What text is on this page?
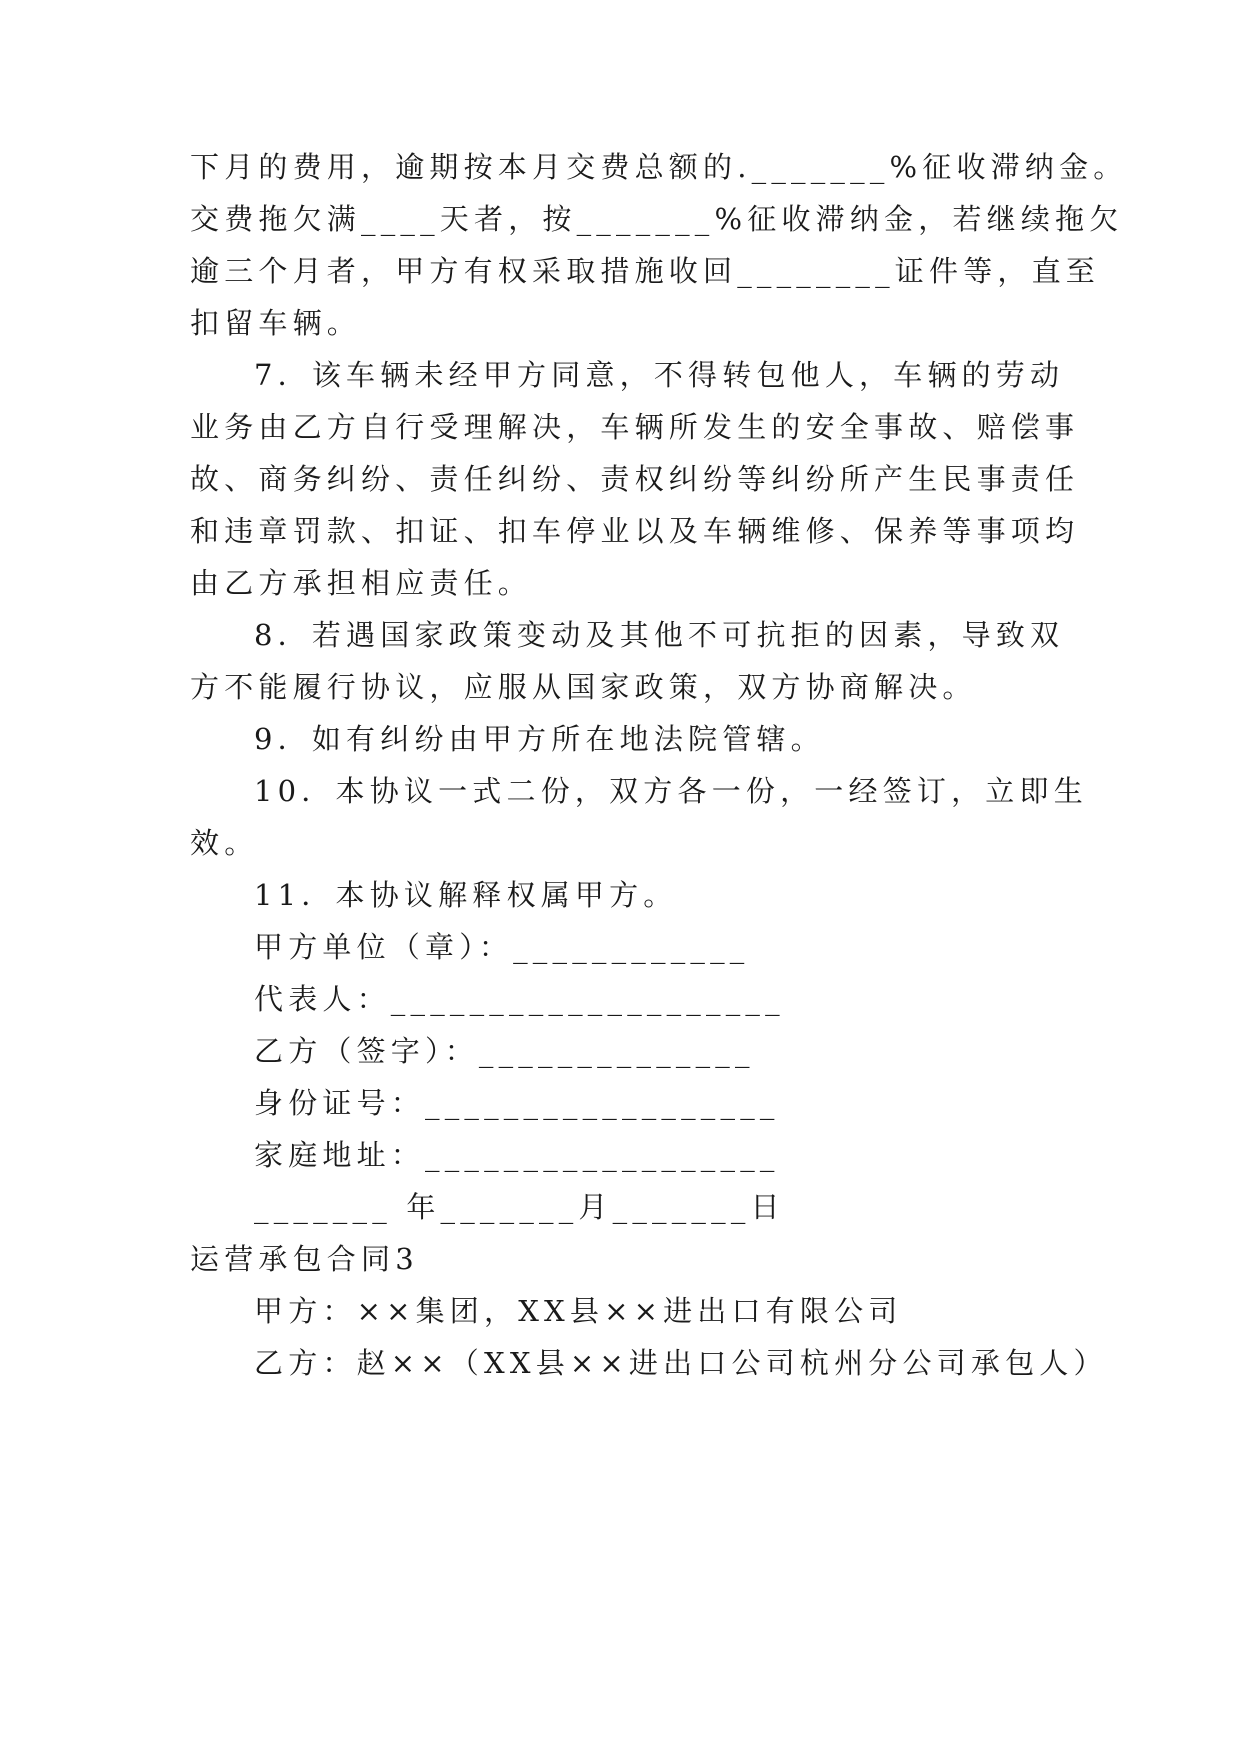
下月的费用，逾期按本月交费总额的._______%征收滞纳金。
交费拖欠满____天者，按_______%征收滞纳金，若继续拖欠
逾三个月者，甲方有权采取措施收回________证件等，直至
扣留车辆。
7．该车辆未经甲方同意，不得转包他人，车辆的劳动
业务由乙方自行受理解决，车辆所发生的安全事故、赔偿事
故、商务纠纷、责任纠纷、责权纠纷等纠纷所产生民事责任
和违章罚款、扣证、扣车停业以及车辆维修、保养等事项均
由乙方承担相应责任。
8．若遇国家政策变动及其他不可抗拒的因素，导致双
方不能履行协议，应服从国家政策，双方协商解决。
9．如有纠纷由甲方所在地法院管辖。
10．本协议一式二份，双方各一份，一经签订，立即生
效。
11．本协议解释权属甲方。
甲方单位（章）：____________
代表人：____________________
乙方（签字）：______________
身份证号：__________________
家庭地址：__________________
_______ 年_______月_______日
运营承包合同3
甲方：××集团，XX县××进出口有限公司
乙方：赵××（XX县××进出口公司杭州分公司承包人）
